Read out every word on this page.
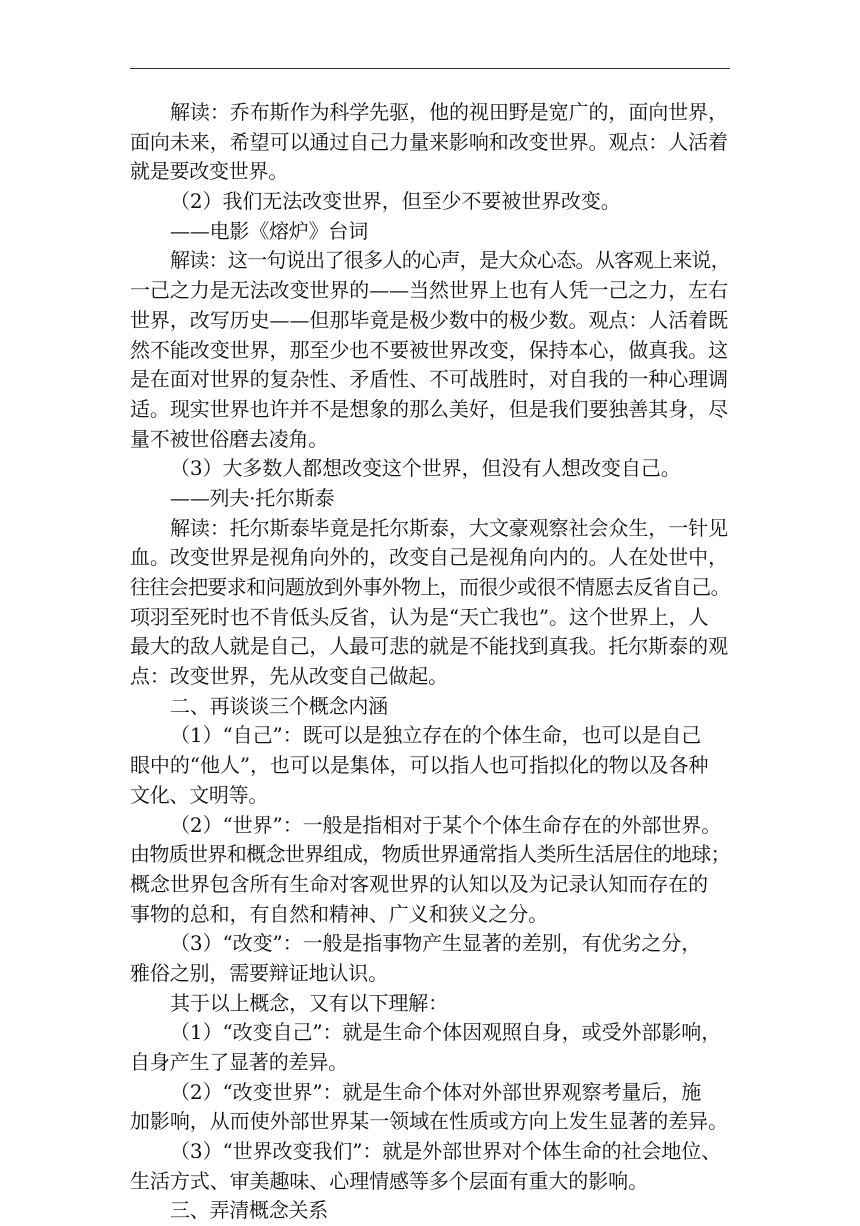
解读：乔布斯作为科学先驱，他的视田野是宽广的，面向世界，
面向未来，希望可以通过自己力量来影响和改变世界。观点：人活着
就是要改变世界。
（2）我们无法改变世界，但至少不要被世界改变。
——电影《熔炉》台词
解读：这一句说出了很多人的心声，是大众心态。从客观上来说，
一己之力是无法改变世界的——当然世界上也有人凭一己之力，左右
世界，改写历史——但那毕竟是极少数中的极少数。观点：人活着既
然不能改变世界，那至少也不要被世界改变，保持本心，做真我。这
是在面对世界的复杂性、矛盾性、不可战胜时，对自我的一种心理调
适。现实世界也许并不是想象的那么美好，但是我们要独善其身，尽
量不被世俗磨去凌角。
（3）大多数人都想改变这个世界，但没有人想改变自己。
——列夫·托尔斯泰
解读：托尔斯泰毕竟是托尔斯泰，大文豪观察社会众生，一针见
血。改变世界是视角向外的，改变自己是视角向内的。人在处世中，
往往会把要求和问题放到外事外物上，而很少或很不情愿去反省自己。
项羽至死时也不肯低头反省，认为是“天亡我也”。这个世界上，人
最大的敌人就是自己，人最可悲的就是不能找到真我。托尔斯泰的观
点：改变世界，先从改变自己做起。
二、再谈谈三个概念内涵
（1）“自己”：既可以是独立存在的个体生命，也可以是自己
眼中的“他人”，也可以是集体，可以指人也可指拟化的物以及各种
文化、文明等。
（2）“世界”：一般是指相对于某个个体生命存在的外部世界。
由物质世界和概念世界组成，物质世界通常指人类所生活居住的地球；
概念世界包含所有生命对客观世界的认知以及为记录认知而存在的
事物的总和，有自然和精神、广义和狭义之分。
（3）“改变”：一般是指事物产生显著的差别，有优劣之分，
雅俗之别，需要辩证地认识。
其于以上概念，又有以下理解：
（1）“改变自己”：就是生命个体因观照自身，或受外部影响，
自身产生了显著的差异。
（2）“改变世界”：就是生命个体对外部世界观察考量后，施
加影响，从而使外部世界某一领域在性质或方向上发生显著的差异。
（3）“世界改变我们”：就是外部世界对个体生命的社会地位、
生活方式、审美趣味、心理情感等多个层面有重大的影响。
三、弄清概念关系
